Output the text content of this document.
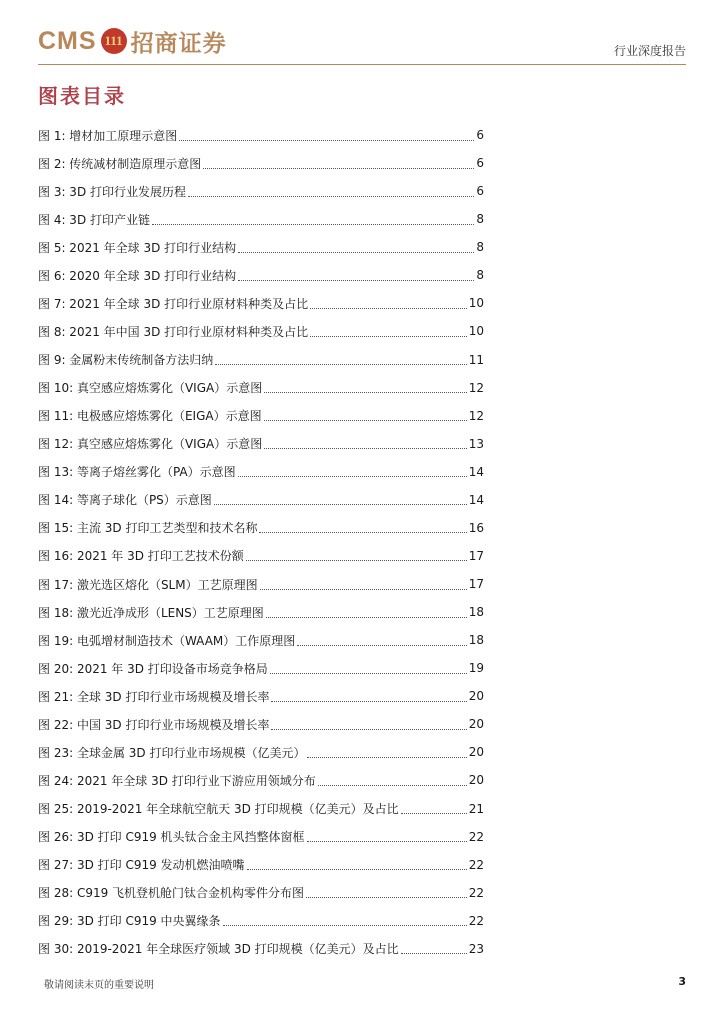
CMS 111 招商证券	行业深度报告
图表目录
图 1: 增材加工原理示意图	6
图 2: 传统减材制造原理示意图	6
图 3: 3D 打印行业发展历程	6
图 4: 3D 打印产业链	8
图 5: 2021 年全球 3D 打印行业结构	8
图 6: 2020 年全球 3D 打印行业结构	8
图 7: 2021 年全球 3D 打印行业原材料种类及占比	10
图 8: 2021 年中国 3D 打印行业原材料种类及占比	10
图 9: 金属粉末传统制备方法归纳	11
图 10: 真空感应熔炼雾化（VIGA）示意图	12
图 11: 电极感应熔炼雾化（EIGA）示意图	12
图 12: 真空感应熔炼雾化（VIGA）示意图	13
图 13: 等离子熔丝雾化（PA）示意图	14
图 14: 等离子球化（PS）示意图	14
图 15: 主流 3D 打印工艺类型和技术名称	16
图 16: 2021 年 3D 打印工艺技术份额	17
图 17: 激光选区熔化（SLM）工艺原理图	17
图 18: 激光近净成形（LENS）工艺原理图	18
图 19: 电弧增材制造技术（WAAM）工作原理图	18
图 20: 2021 年 3D 打印设备市场竞争格局	19
图 21: 全球 3D 打印行业市场规模及增长率	20
图 22: 中国 3D 打印行业市场规模及增长率	20
图 23: 全球金属 3D 打印行业市场规模（亿美元）	20
图 24: 2021 年全球 3D 打印行业下游应用领域分布	20
图 25: 2019-2021 年全球航空航天 3D 打印规模（亿美元）及占比	21
图 26: 3D 打印 C919 机头钛合金主风挡整体窗框	22
图 27: 3D 打印 C919 发动机燃油喷嘴	22
图 28: C919 飞机登机舱门钛合金机构零件分布图	22
图 29: 3D 打印 C919 中央翼缘条	22
图 30: 2019-2021 年全球医疗领域 3D 打印规模（亿美元）及占比	23
敬请阅读末页的重要说明	3
